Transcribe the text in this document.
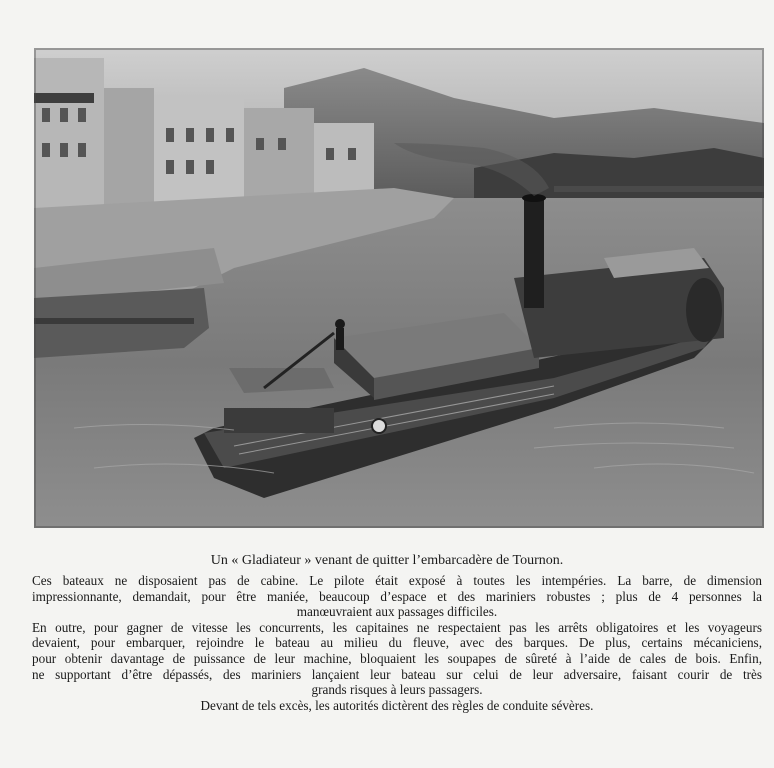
Un « Gladiateur » venant de quitter l’embarcadère de Tournon.

Ces bateaux ne disposaient pas de cabine. Le pilote était exposé à toutes les intempéries. La barre, de dimension
impressionnante, demandait, pour être maniée, beaucoup d’espace et des mariniers robustes ; plus de 4 personnes la
manœuvraient aux passages difficiles.

En outre, pour gagner de vitesse les concurrents, les capitaines ne respectaient pas les arrêts obligatoires et les voyageurs
devaient, pour embarquer, rejoindre le bateau au milieu du fleuve, avec des barques. De plus, certains mécaniciens,
pour obtenir davantage de puissance de leur machine, bloquaient les soupapes de sûreté à l’aide de cales de bois. Enfin,
ne supportant d’être dépassés, des mariniers lançaient leur bateau sur celui de leur adversaire, faisant courir de très
grands risques à leurs passagers.

Devant de tels excès, les autorités dictèrent des règles de conduite sévères.
